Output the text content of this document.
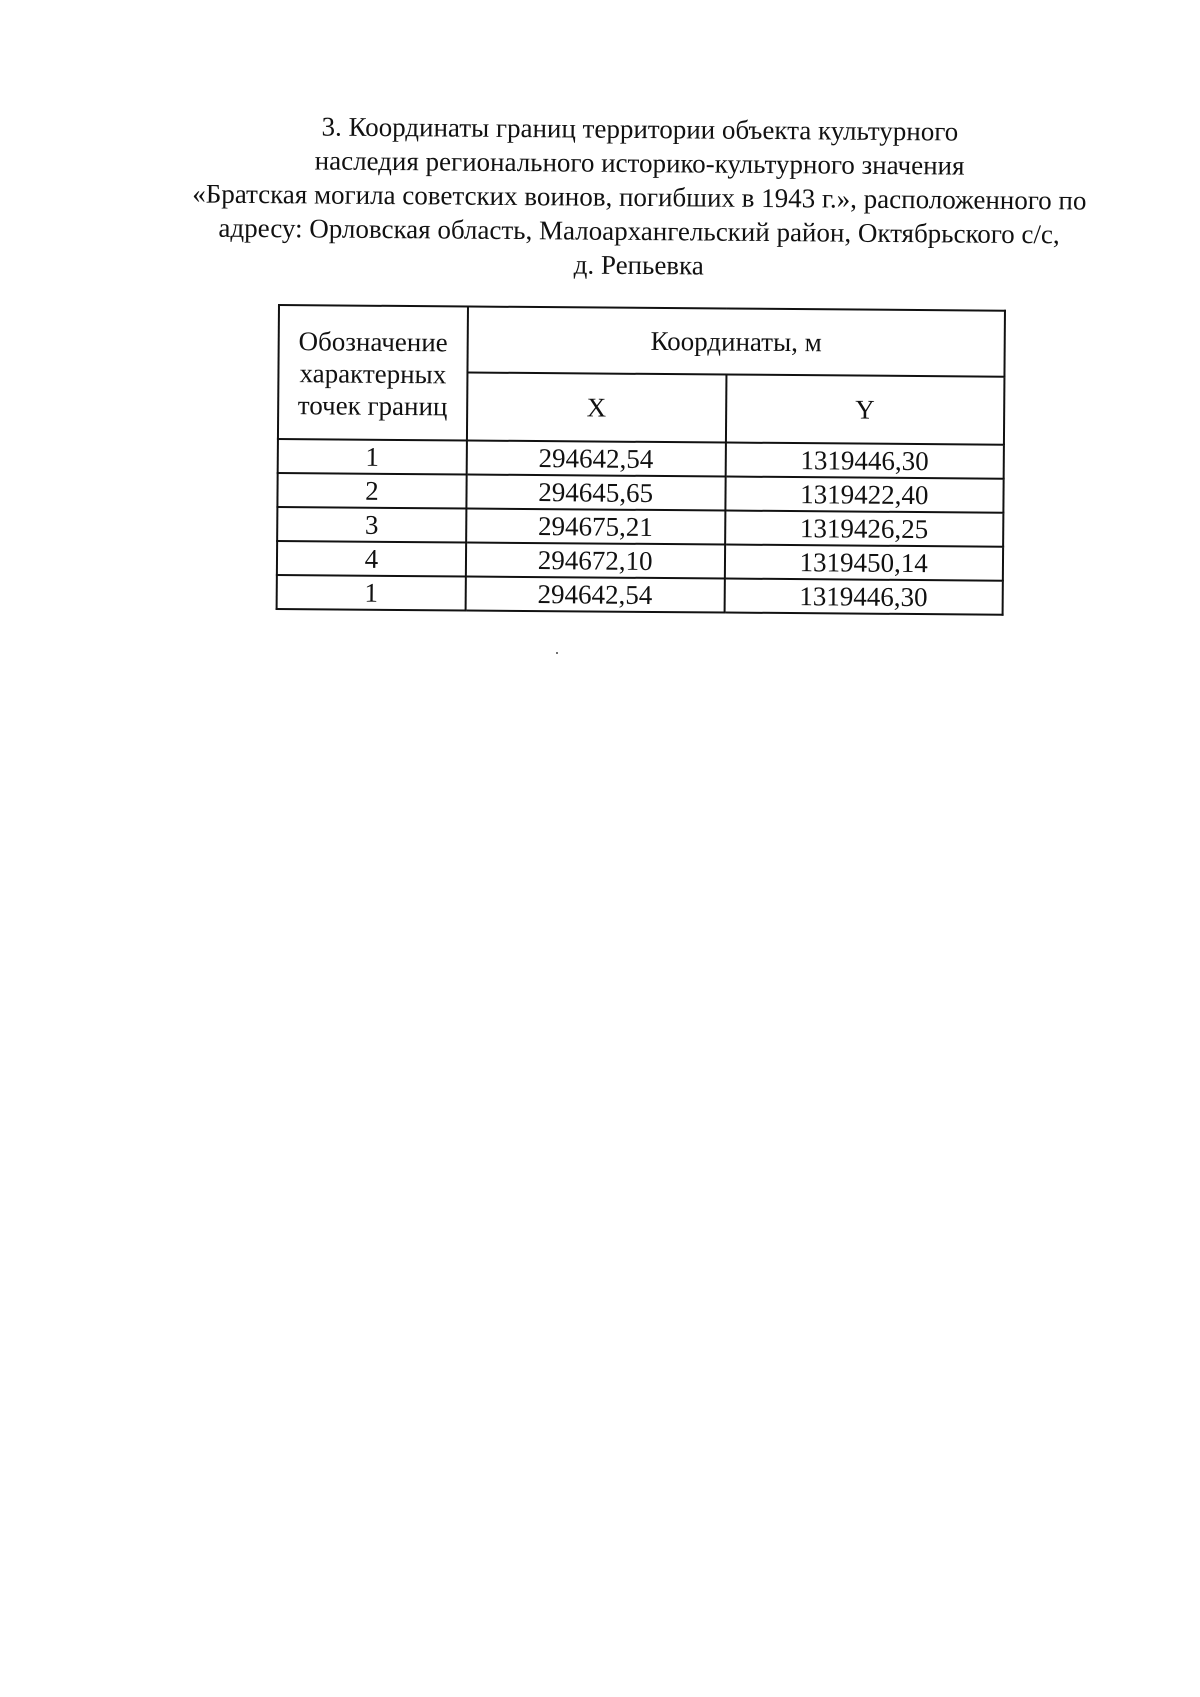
3. Координаты границ территории объекта культурного
наследия регионального историко-культурного значения
«Братская могила советских воинов, погибших в 1943 г.», расположенного по
адресу: Орловская область, Малоархангельский район, Октябрьского с/с,
д. Репьевка
Обозначение характерных точек границ	Координаты, м	
	X	Y
1	294642,54	1319446,30
2	294645,65	1319422,40
3	294675,21	1319426,25
4	294672,10	1319450,14
1	294642,54	1319446,30
